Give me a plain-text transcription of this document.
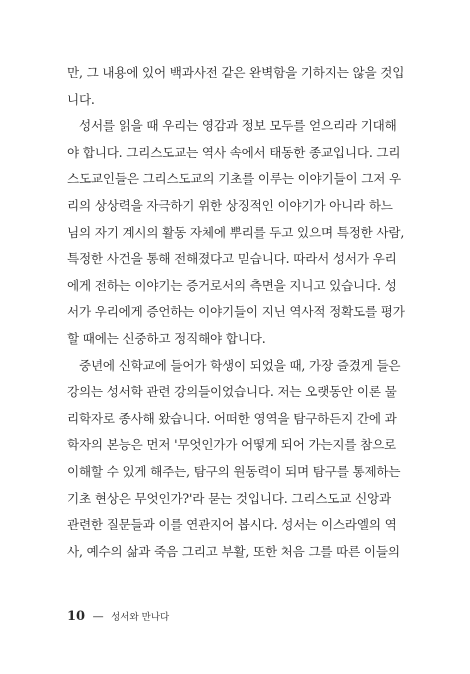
만, 그 내용에 있어 백과사전 같은 완벽함을 기하지는 않을 것입
니다.
성서를 읽을 때 우리는 영감과 정보 모두를 얻으리라 기대해
야 합니다. 그리스도교는 역사 속에서 태동한 종교입니다. 그리
스도교인들은 그리스도교의 기초를 이루는 이야기들이 그저 우
리의 상상력을 자극하기 위한 상징적인 이야기가 아니라 하느
님의 자기 계시의 활동 자체에 뿌리를 두고 있으며 특정한 사람,
특정한 사건을 통해 전해졌다고 믿습니다. 따라서 성서가 우리
에게 전하는 이야기는 증거로서의 측면을 지니고 있습니다. 성
서가 우리에게 증언하는 이야기들이 지닌 역사적 정확도를 평가
할 때에는 신중하고 정직해야 합니다.
중년에 신학교에 들어가 학생이 되었을 때, 가장 즐겼게 들은
강의는 성서학 관련 강의들이었습니다. 저는 오랫동안 이론 물
리학자로 종사해 왔습니다. 어떠한 영역을 탐구하든지 간에 과
학자의 본능은 먼저 '무엇인가가 어떻게 되어 가는지를 참으로
이해할 수 있게 해주는, 탐구의 원동력이 되며 탐구를 통제하는
기초 현상은 무엇인가?'라 묻는 것입니다. 그리스도교 신앙과
관련한 질문들과 이를 연관지어 봅시다. 성서는 이스라엘의 역
사, 예수의 삶과 죽음 그리고 부활, 또한 처음 그를 따른 이들의
10 — 성서와 만나다
